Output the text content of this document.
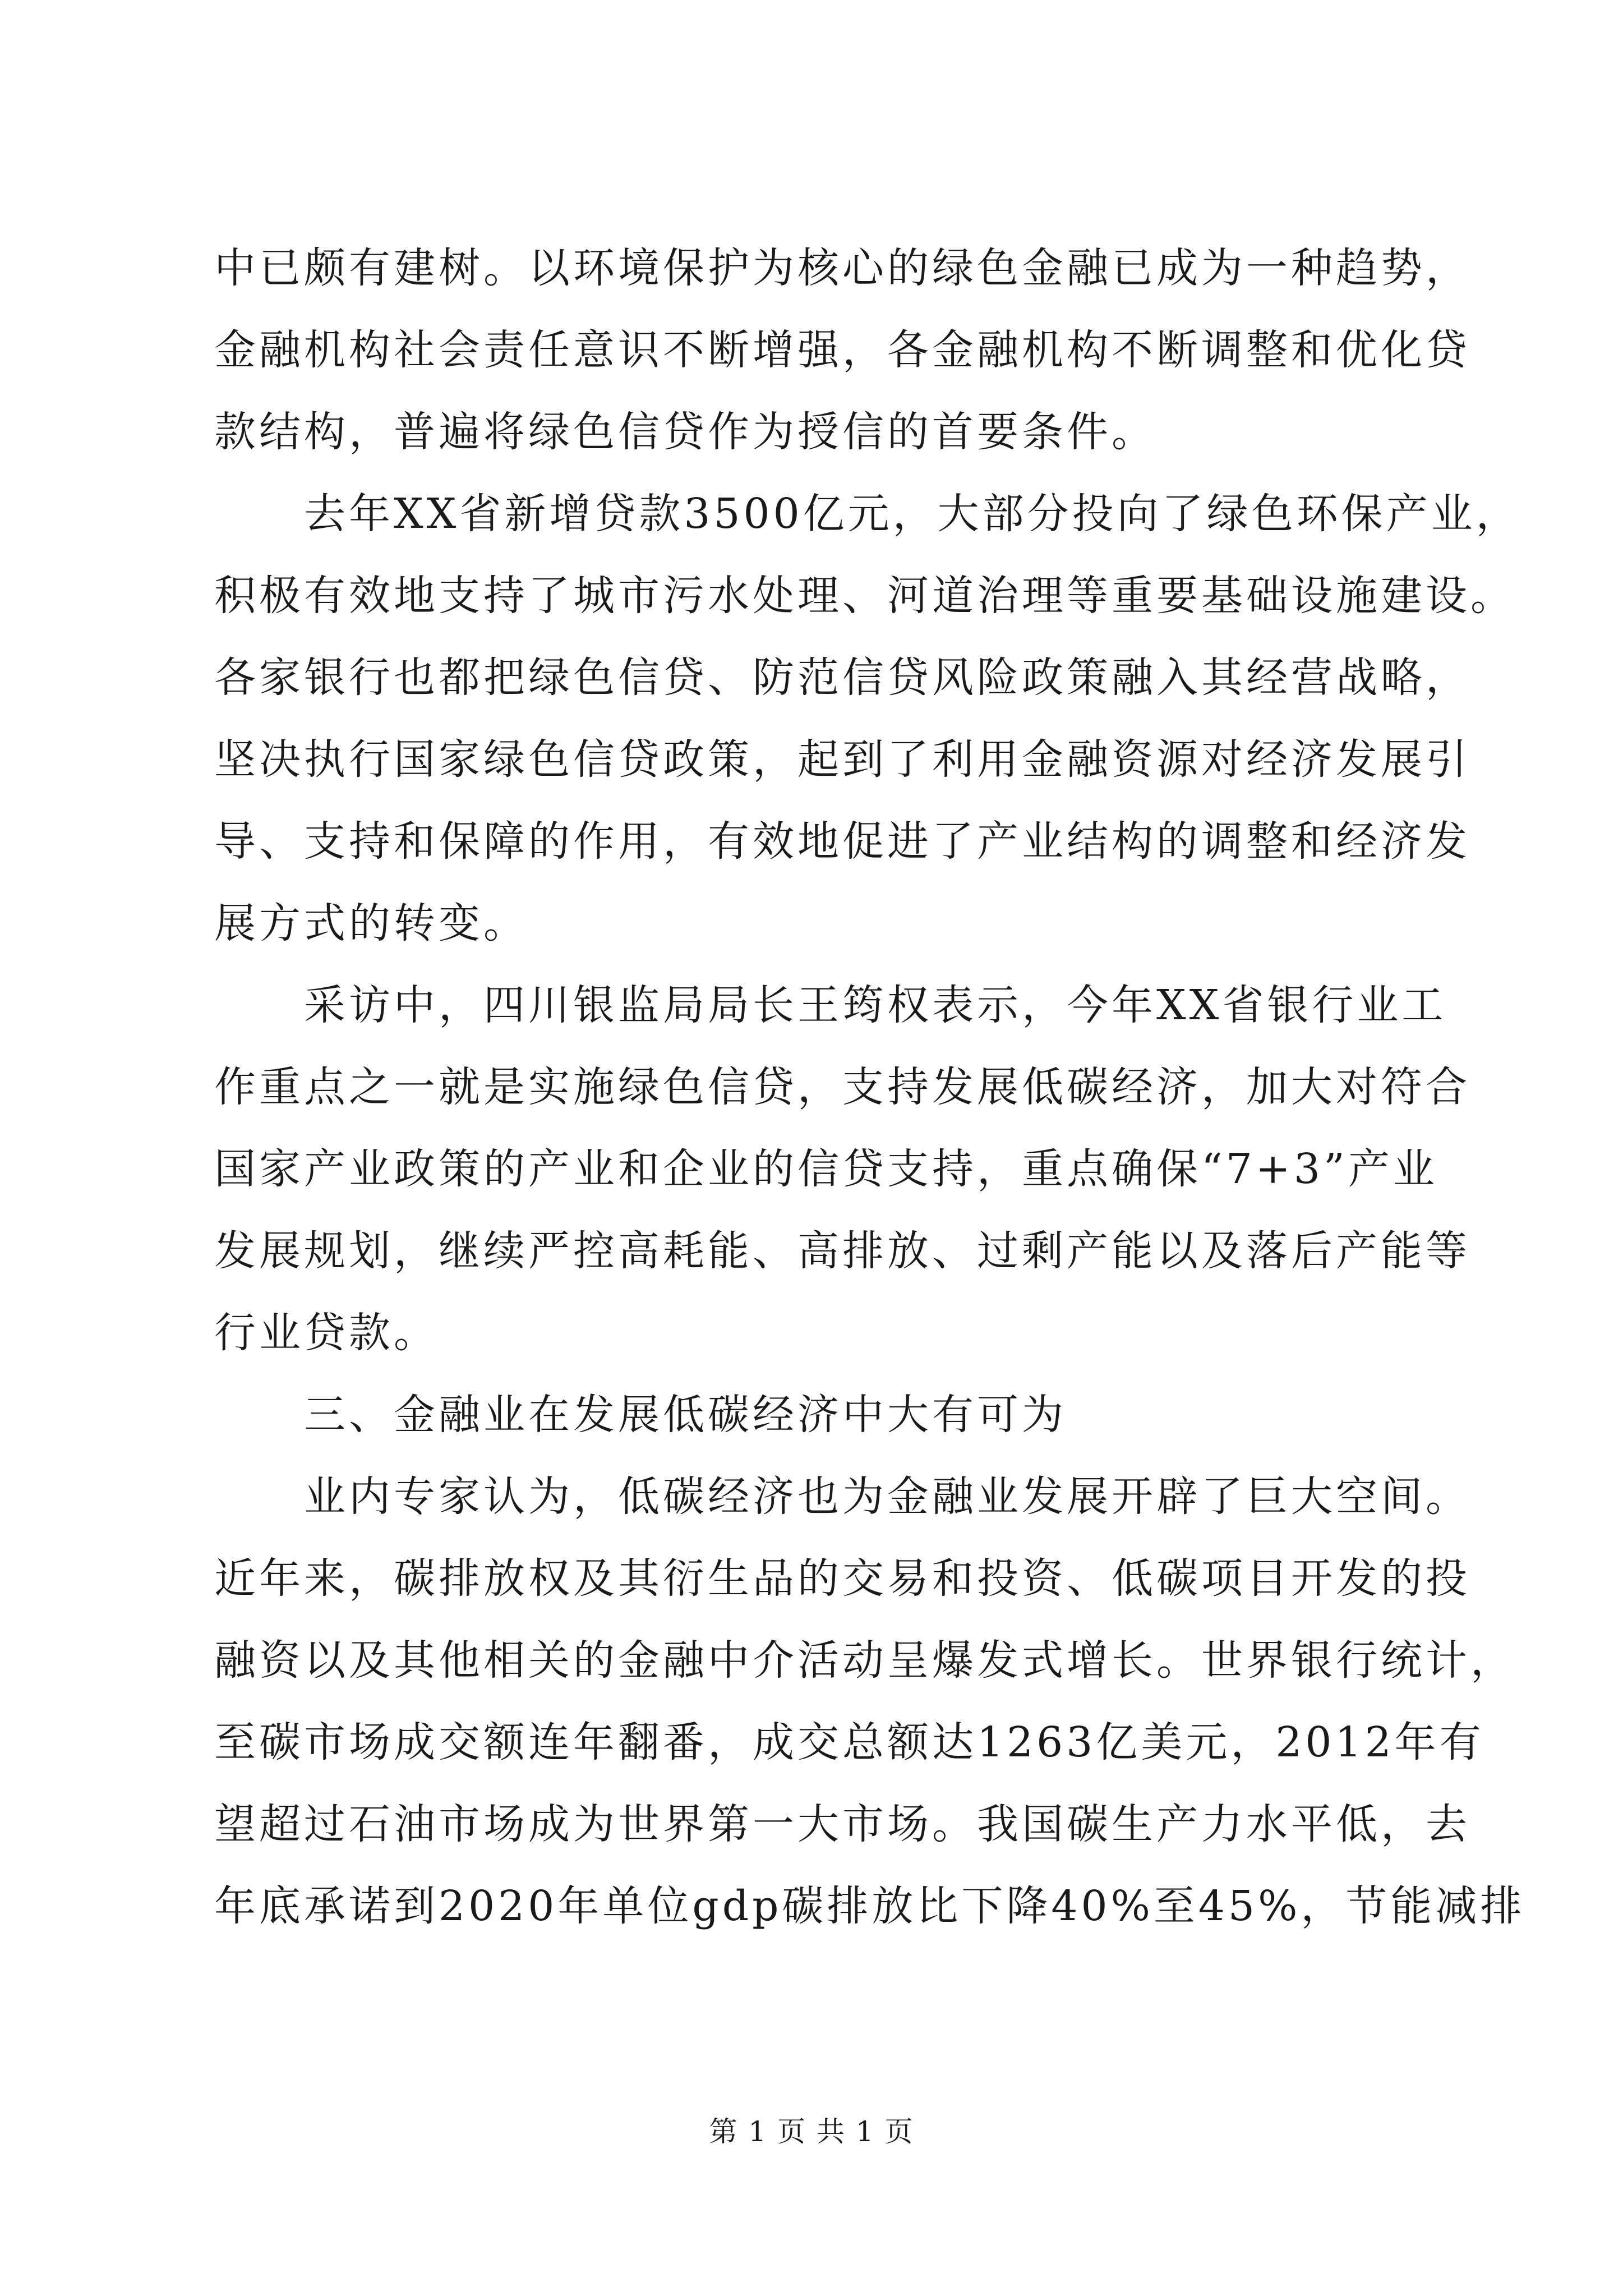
中已颇有建树。以环境保护为核心的绿色金融已成为一种趋势，
金融机构社会责任意识不断增强，各金融机构不断调整和优化贷
款结构，普遍将绿色信贷作为授信的首要条件。
去年XX省新增贷款3500亿元，大部分投向了绿色环保产业，
积极有效地支持了城市污水处理、河道治理等重要基础设施建设。
各家银行也都把绿色信贷、防范信贷风险政策融入其经营战略，
坚决执行国家绿色信贷政策，起到了利用金融资源对经济发展引
导、支持和保障的作用，有效地促进了产业结构的调整和经济发
展方式的转变。
采访中，四川银监局局长王筠权表示，今年XX省银行业工
作重点之一就是实施绿色信贷，支持发展低碳经济，加大对符合
国家产业政策的产业和企业的信贷支持，重点确保“7+3”产业
发展规划，继续严控高耗能、高排放、过剩产能以及落后产能等
行业贷款。
三、金融业在发展低碳经济中大有可为
业内专家认为，低碳经济也为金融业发展开辟了巨大空间。
近年来，碳排放权及其衍生品的交易和投资、低碳项目开发的投
融资以及其他相关的金融中介活动呈爆发式增长。世界银行统计，
至碳市场成交额连年翻番，成交总额达1263亿美元，2012年有
望超过石油市场成为世界第一大市场。我国碳生产力水平低，去
年底承诺到2020年单位gdp碳排放比下降40%至45%，节能减排
第 1 页 共 1 页
